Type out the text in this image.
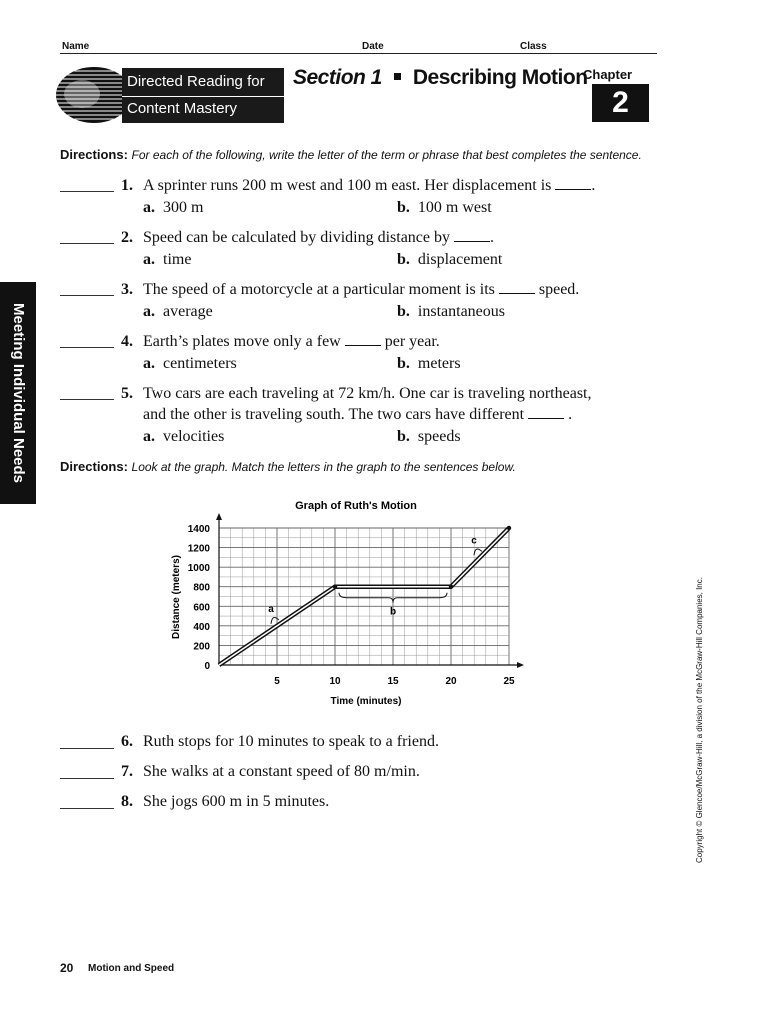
Name	Date	Class
Directed Reading for
Content Mastery
Section 1 Describing Motion
Chapter
2
Meeting Individual Needs
Directions: For each of the following, write the letter of the term or phrase that best completes the sentence.
1. A sprinter runs 200 m west and 100 m east. Her displacement is	.
a. 300 m	b. 100 m west
2. Speed can be calculated by dividing distance by	.
a. time	b. displacement
3. The speed of a motorcycle at a particular moment is its	speed.
a. average	b. instantaneous
4. Earth’s plates move only a few	per year.
a. centimeters	b. meters
5. Two cars are each traveling at 72 km/h. One car is traveling northeast,
and the other is traveling south. The two cars have different	.
a. velocities	b. speeds
Directions: Look at the graph. Match the letters in the graph to the sentences below.
Graph of Ruth's Motion
5	10	15	20	25
0
200
400
600
800
1000
1200
1400
a	b
c
Time (minutes)
Distance (meters)
6. Ruth stops for 10 minutes to speak to a friend.
7. She walks at a constant speed of 80 m/min.
8. She jogs 600 m in 5 minutes.	Copyright © Glencoe/McGraw-Hill, a division of the McGraw-Hill Companies, Inc.
20 Motion and Speed
